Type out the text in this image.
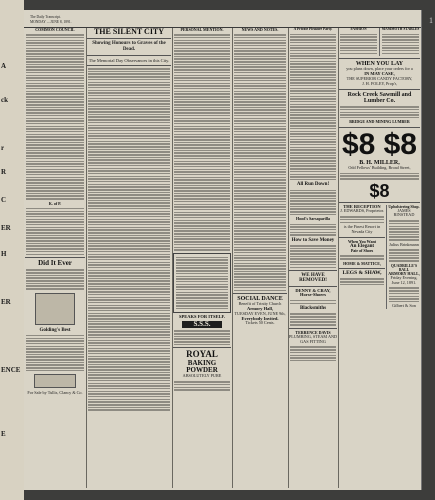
A
ck
r
R
C
ER
H
ER
ENCE
E
The Daily Transcript.
MONDAY ....JUNE 8, 1891.	1
COMMON COUNCIL
K. of P.
Did It Ever
Golding's Best
For Sale by Tullis, Clancy & Co.
THE SILENT CITY
Showing Honours to Graves of the Dead.
The Memorial Day Observances in this City.
PERSONAL MENTION.
SPEAKS FOR ITSELF.
S.S.S.
ROYAL
BAKING
POWDER
ABSOLUTELY PURE
NEWS AND NOTES.
SOCIAL DANCE
Benefit of Trinity Church
Armory Hall,
TUESDAY EVEN, JUNE 9th,
Everybody Invited.
Tickets 50 Cents.
A Private Pleasure Party.
All Run Down!
Hood's Sarsaparilla
How to Save Money
WE HAVE REMOVED!
DENNY & CRAY,
Horse-Shoers
Blacksmiths
TERRENCE DAVIS
PLUMBING, STEAM AND GAS FITTING
FASHION	MAMMOTH STABLES
WHEN YOU LAY
you plans down, place your orders for a
IN MAY CASE,
THE SUPERIOR CANDY FACTORY,
J. H. FOLEY, Prop'r,
Rock Creek Sawmill and Lumber Co.
BRIDGE AND MINING LUMBER
$8 $8
B. H. MILLER,
Odd Fellows' Building, Broad Street,
$8
THE RECEPTION
J. EDWARDS, Proprietor.
is the Finest Resort in Nevada City
When You Want
An Elegant
Pair of Shoes
HOME & MATTICE,
LEGS & SHAW,
Upholstering Shop.
JAMES RINSTEAD
Julius Brinkmann
QUADRILLE'S BALL
ARMORY HALL,
Friday Evening, June 12, 1891.
Gilbert & Son
